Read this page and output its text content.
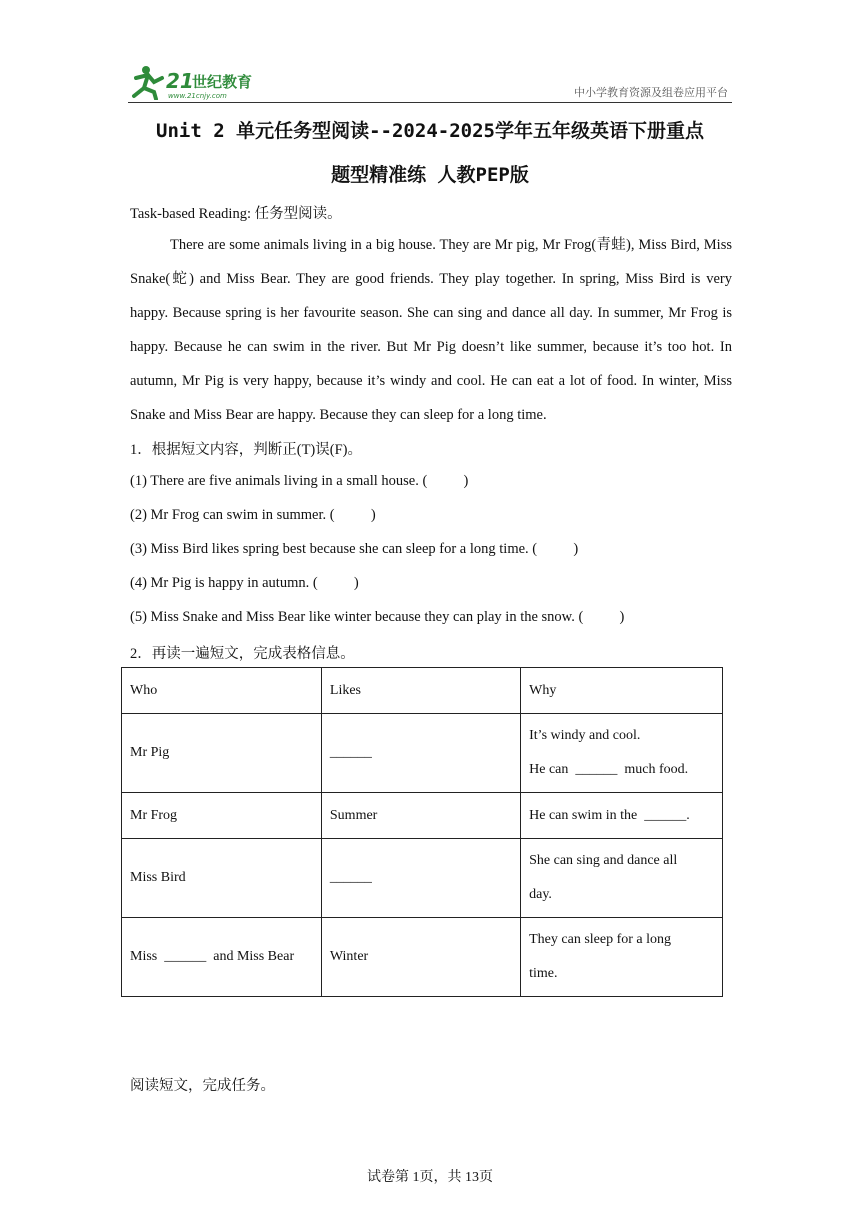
21
世纪教育
www.21cnjy.com	中小学教育资源及组卷应用平台
Unit 2 单元任务型阅读--2024-2025学年五年级英语下册重点
题型精准练 人教PEP版
Task-based Reading: 任务型阅读。

There are some animals living in a big house. They are Mr pig, Mr Frog(青蛙), Miss Bird, Miss Snake(蛇) and Miss Bear. They are good friends. They play together. In spring, Miss Bird is very happy. Because spring is her favourite season. She can sing and dance all day. In summer, Mr Frog is happy. Because he can swim in the river. But Mr Pig doesn’t like summer, because it’s too hot. In autumn, Mr Pig is very happy, because it’s windy and cool. He can eat a lot of food. In winter, Miss Snake and Miss Bear are happy. Because they can sleep for a long time.

1．根据短文内容，判断正(T)误(F)。
(1) There are five animals living in a small house. (          )
(2) Mr Frog can swim in summer. (          )
(3) Miss Bird likes spring best because she can sleep for a long time. (          )
(4) Mr Pig is happy in autumn. (          )
(5) Miss Snake and Miss Bear like winter because they can play in the snow. (          )
2．再读一遍短文，完成表格信息。
Who	Likes	Why
Mr Pig	______	It’s windy and cool.
He can  ______  much food.

Mr Frog	Summer	He can swim in the  ______.
Miss Bird	______	She can sing and dance all
day.

Miss  ______  and Miss Bear	Winter	They can sleep for a long
time.
阅读短文，完成任务。
试卷第 1页，共 13页
